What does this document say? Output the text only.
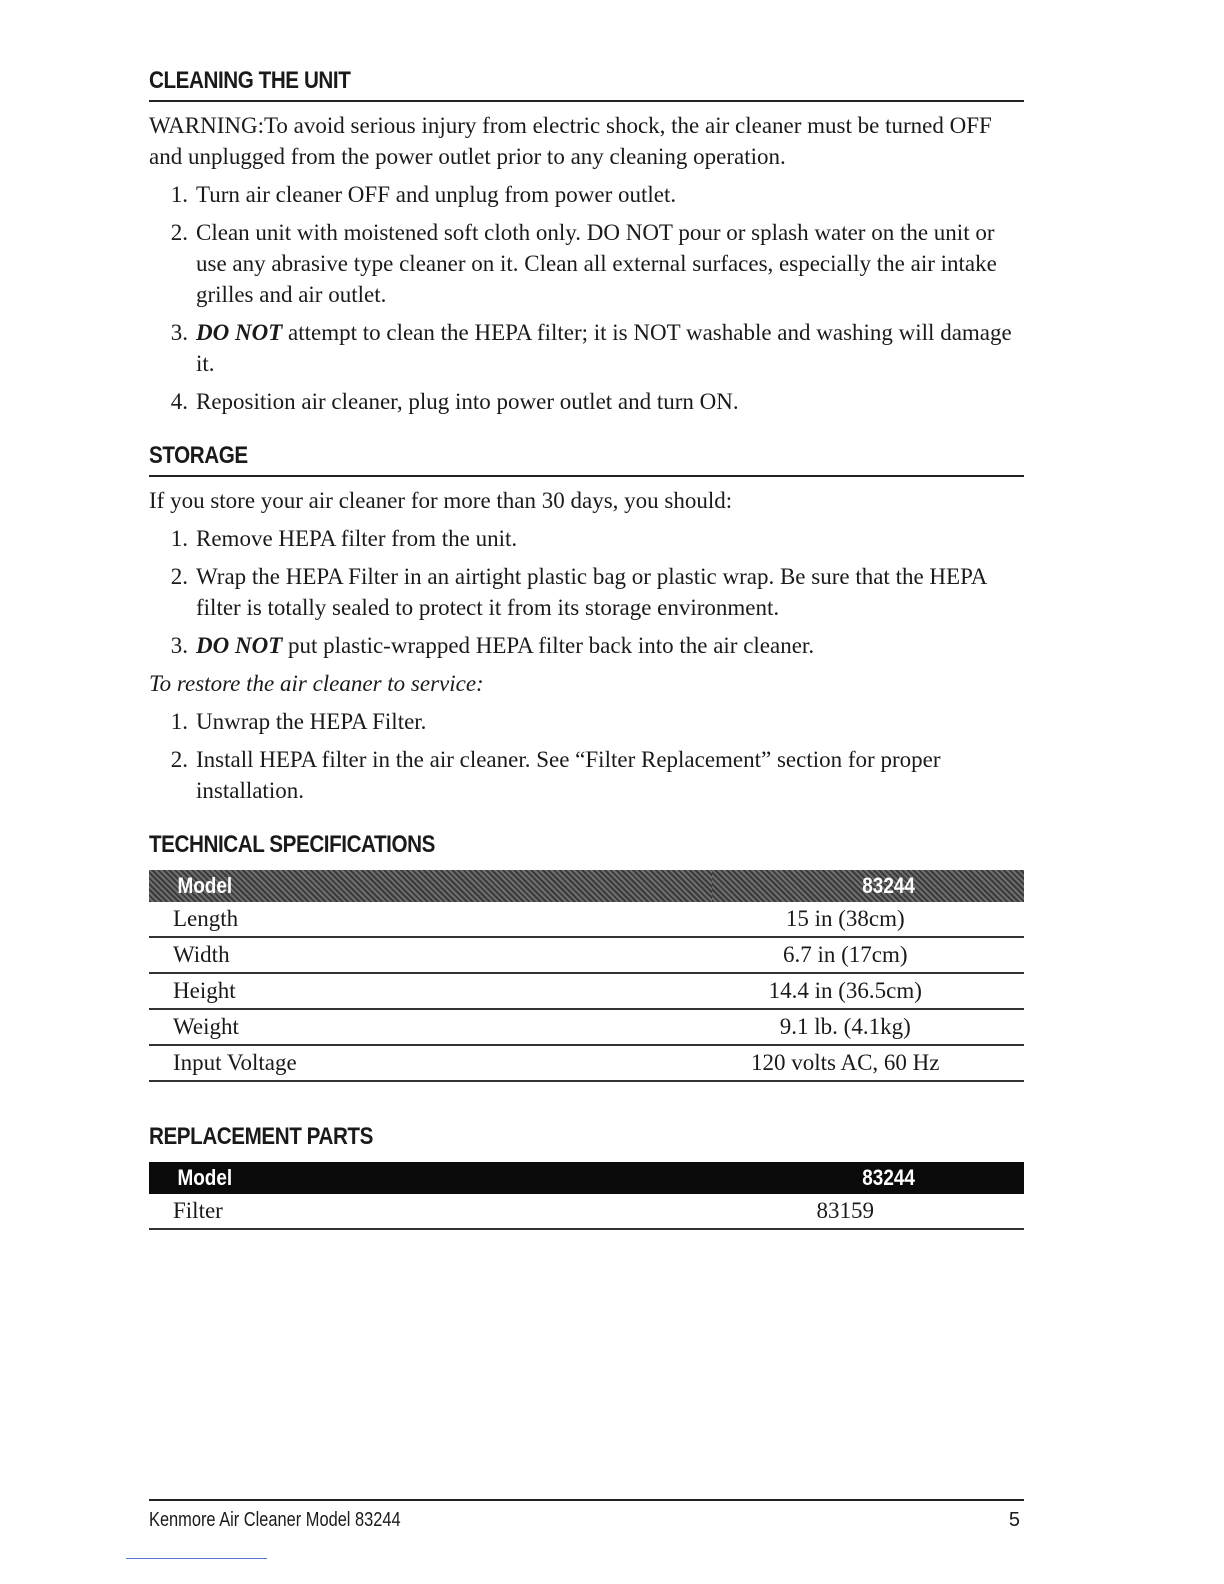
CLEANING THE UNIT

WARNING:To avoid serious injury from electric shock, the air cleaner must be turned OFF and unplugged from the power outlet prior to any cleaning operation.

1. Turn air cleaner OFF and unplug from power outlet.
2. Clean unit with moistened soft cloth only. DO NOT pour or splash water on the unit or use any abrasive type cleaner on it. Clean all external surfaces, especially the air intake grilles and air outlet.
3. DO NOT attempt to clean the HEPA filter; it is NOT washable and washing will damage it.
4. Reposition air cleaner, plug into power outlet and turn ON.
STORAGE

If you store your air cleaner for more than 30 days, you should:

1. Remove HEPA filter from the unit.
2. Wrap the HEPA Filter in an airtight plastic bag or plastic wrap. Be sure that the HEPA filter is totally sealed to protect it from its storage environment.
3. DO NOT put plastic-wrapped HEPA filter back into the air cleaner.
To restore the air cleaner to service:
1. Unwrap the HEPA Filter.
2. Install HEPA filter in the air cleaner. See “Filter Replacement” section for proper installation.
TECHNICAL SPECIFICATIONS
Model	83244
Length	15 in (38cm)
Width	6.7 in (17cm)
Height	14.4 in (36.5cm)
Weight	9.1 lb. (4.1kg)
Input Voltage	120 volts AC, 60 Hz
REPLACEMENT PARTS
Model	83244
Filter	83159
Kenmore Air Cleaner Model 83244	5
